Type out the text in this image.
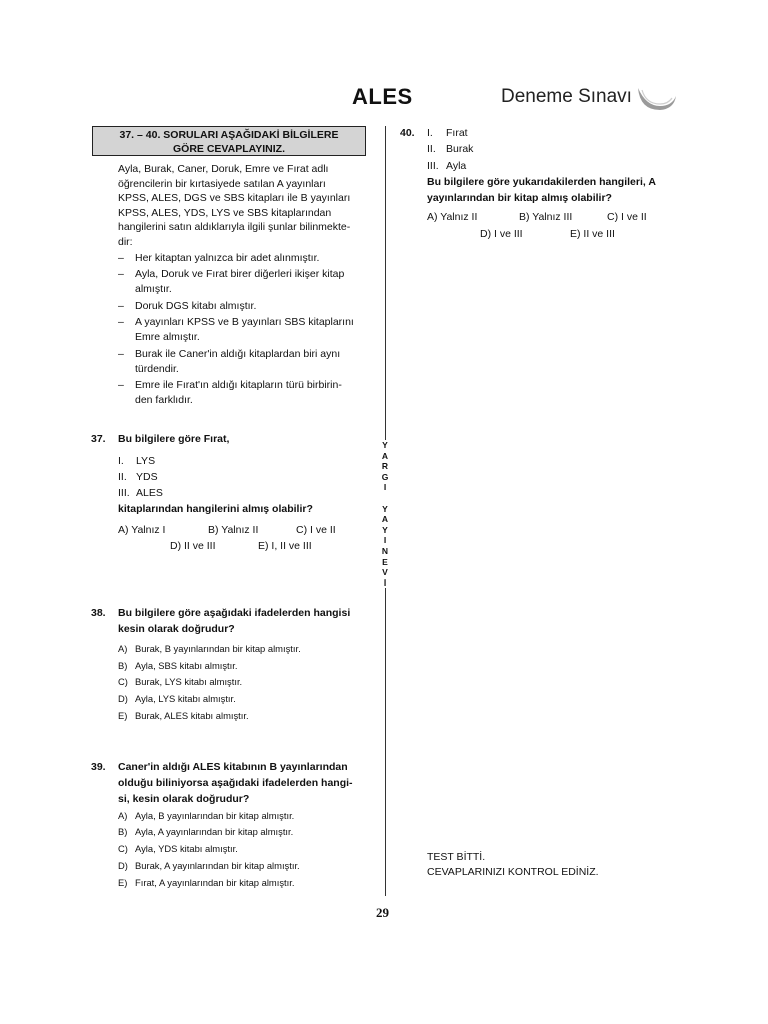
ALES	Deneme Sınavı
37. – 40. SORULARI AŞAĞIDAKİ BİLGİLERE
GÖRE CEVAPLAYINIZ.
Ayla, Burak, Caner, Doruk, Emre ve Fırat adlı
öğrencilerin bir kırtasiyede satılan A yayınları
KPSS, ALES, DGS ve SBS kitapları ile B yayınları
KPSS, ALES, YDS, LYS ve SBS kitaplarından
hangilerini satın aldıklarıyla ilgili şunlar bilinmekte-
dir:
–	Her kitaptan yalnızca bir adet alınmıştır.
–	Ayla, Doruk ve Fırat birer diğerleri ikişer kitap
almıştır.
–	Doruk DGS kitabı almıştır.
–	A yayınları KPSS ve B yayınları SBS kitaplarını
Emre almıştır.
–	Burak ile Caner'in aldığı kitaplardan biri aynı
türdendir.
–	Emre ile Fırat'ın aldığı kitapların türü birbirin-
den farklıdır.
37. Bu bilgilere göre Fırat,
I. LYS
II. YDS
III. ALES
kitaplarından hangilerini almış olabilir?
A) Yalnız I	B) Yalnız II	C) I ve II
D) II ve III	E) I, II ve III
38. Bu bilgilere göre aşağıdaki ifadelerden hangisi
kesin olarak doğrudur?
A) Burak, B yayınlarından bir kitap almıştır.
B) Ayla, SBS kitabı almıştır.
C) Burak, LYS kitabı almıştır.
D) Ayla, LYS kitabı almıştır.
E) Burak, ALES kitabı almıştır.
39. Caner'in aldığı ALES kitabının B yayınlarından
olduğu biliniyorsa aşağıdaki ifadelerden hangi-
si, kesin olarak doğrudur?
A) Ayla, B yayınlarından bir kitap almıştır.
B) Ayla, A yayınlarından bir kitap almıştır.
C) Ayla, YDS kitabı almıştır.
D) Burak, A yayınlarından bir kitap almıştır.
E) Fırat, A yayınlarından bir kitap almıştır.
Y
A
R
G
I
Y
A
Y
I
N
E
V
İ
40. I. Fırat
II. Burak
III. Ayla
Bu bilgilere göre yukarıdakilerden hangileri, A
yayınlarından bir kitap almış olabilir?
A) Yalnız II	B) Yalnız III	C) I ve II
D) I ve III	E) II ve III
TEST BİTTİ.
CEVAPLARINIZI KONTROL EDİNİZ.
29
